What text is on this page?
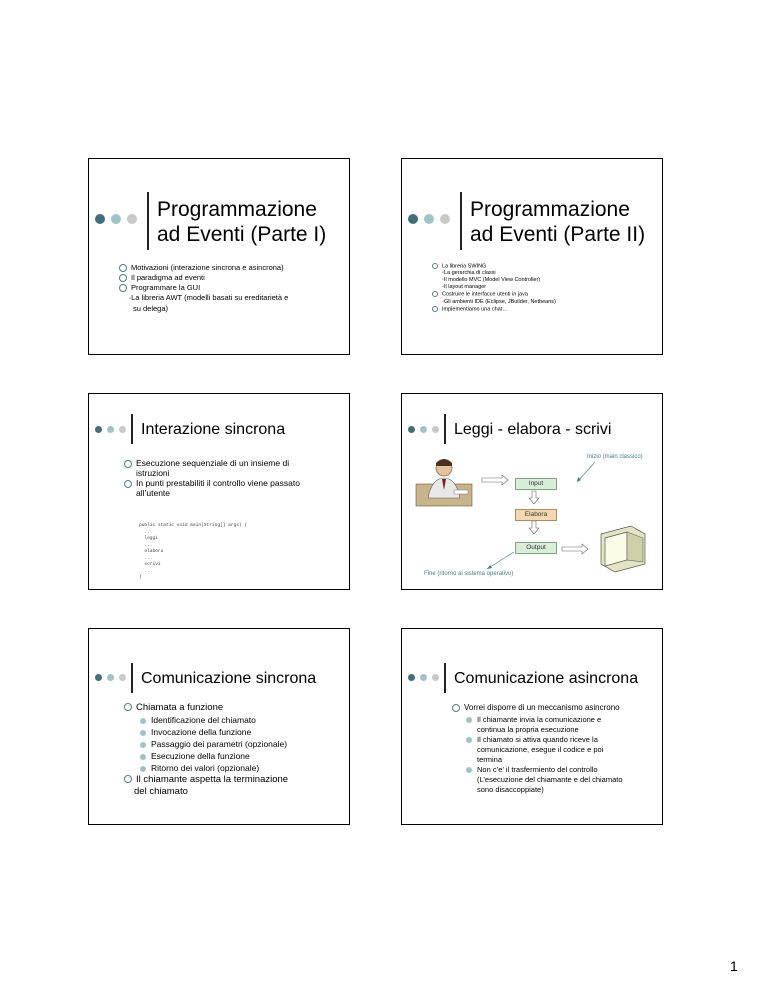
Programmazione
ad Eventi (Parte I)
Motivazioni (interazione sincrona e asincrona)
Il paradigma ad eventi
Programmare la GUI
◦La libreria AWT (modelli basati su ereditarietà e
su delega)
Programmazione
ad Eventi (Parte II)
La libreria SWING
◦La gerarchia di classi
◦Il modello MVC (Model View Controller)
◦Il layout manager
Costruire le interfacce utenti in java
◦Gli ambienti IDE (Eclipse, JBuilder, Netbeans)
Implementiamo una chat…
Interazione sincrona
Esecuzione sequenziale di un insieme di
istruzioni
In punti prestabiliti il controllo viene passato
all’utente

public static void main(String[] args) {
...
leggi
...
elabora
...
scrivi
...
}

Leggi - elabora - scrivi
Inizio (main classico)
Input
Elabora
Output
Fine (ritorno al sistema operativo)
Comunicazione sincrona
Chiamata a funzione
Identificazione del chiamato
Invocazione della funzione
Passaggio dei parametri (opzionale)
Esecuzione della funzione
Ritorno dei valori (opzionale)
Il chiamante aspetta la terminazione
del chiamato
Comunicazione asincrona
Vorrei disporre di un meccanismo asincrono
Il chiamante invia la comunicazione e
continua la propria esecuzione
Il chiamato si attiva quando riceve la
comunicazione, esegue il codice e poi
termina
Non c’e’ il trasfermiento del controllo
(L’esecuzione del chiamante e del chiamato
sono disaccoppiate)
1
